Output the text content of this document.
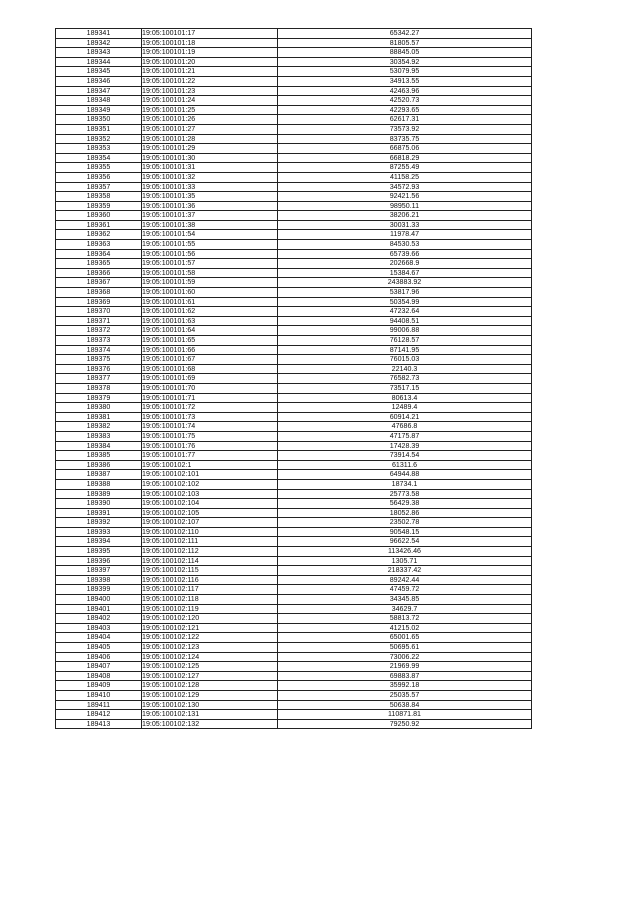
189341	19:05:100101:17	65342.27
189342	19:05:100101:18	81805.57
189343	19:05:100101:19	88845.05
189344	19:05:100101:20	30354.92
189345	19:05:100101:21	53079.95
189346	19:05:100101:22	34913.55
189347	19:05:100101:23	42463.96
189348	19:05:100101:24	42520.73
189349	19:05:100101:25	42293.65
189350	19:05:100101:26	62617.31
189351	19:05:100101:27	73573.92
189352	19:05:100101:28	83735.75
189353	19:05:100101:29	66875.06
189354	19:05:100101:30	66818.29
189355	19:05:100101:31	87255.49
189356	19:05:100101:32	41158.25
189357	19:05:100101:33	34572.93
189358	19:05:100101:35	92421.56
189359	19:05:100101:36	98950.11
189360	19:05:100101:37	38206.21
189361	19:05:100101:38	30031.33
189362	19:05:100101:54	11978.47
189363	19:05:100101:55	84530.53
189364	19:05:100101:56	65739.66
189365	19:05:100101:57	202668.9
189366	19:05:100101:58	15384.67
189367	19:05:100101:59	243883.92
189368	19:05:100101:60	53817.96
189369	19:05:100101:61	50354.99
189370	19:05:100101:62	47232.64
189371	19:05:100101:63	94408.51
189372	19:05:100101:64	99006.88
189373	19:05:100101:65	76128.57
189374	19:05:100101:66	87141.95
189375	19:05:100101:67	76015.03
189376	19:05:100101:68	22140.3
189377	19:05:100101:69	76582.73
189378	19:05:100101:70	73517.15
189379	19:05:100101:71	80613.4
189380	19:05:100101:72	12489.4
189381	19:05:100101:73	60914.21
189382	19:05:100101:74	47686.8
189383	19:05:100101:75	47175.87
189384	19:05:100101:76	17428.39
189385	19:05:100101:77	73914.54
189386	19:05:100102:1	61311.6
189387	19:05:100102:101	64944.88
189388	19:05:100102:102	18734.1
189389	19:05:100102:103	25773.58
189390	19:05:100102:104	56429.38
189391	19:05:100102:105	18052.86
189392	19:05:100102:107	23502.78
189393	19:05:100102:110	90548.15
189394	19:05:100102:111	96622.54
189395	19:05:100102:112	113426.46
189396	19:05:100102:114	1305.71
189397	19:05:100102:115	218337.42
189398	19:05:100102:116	89242.44
189399	19:05:100102:117	47459.72
189400	19:05:100102:118	34345.85
189401	19:05:100102:119	34629.7
189402	19:05:100102:120	58813.72
189403	19:05:100102:121	41215.02
189404	19:05:100102:122	65001.65
189405	19:05:100102:123	50695.61
189406	19:05:100102:124	73006.22
189407	19:05:100102:125	21969.99
189408	19:05:100102:127	69883.87
189409	19:05:100102:128	35992.18
189410	19:05:100102:129	25035.57
189411	19:05:100102:130	50638.84
189412	19:05:100102:131	110871.81
189413	19:05:100102:132	79250.92
